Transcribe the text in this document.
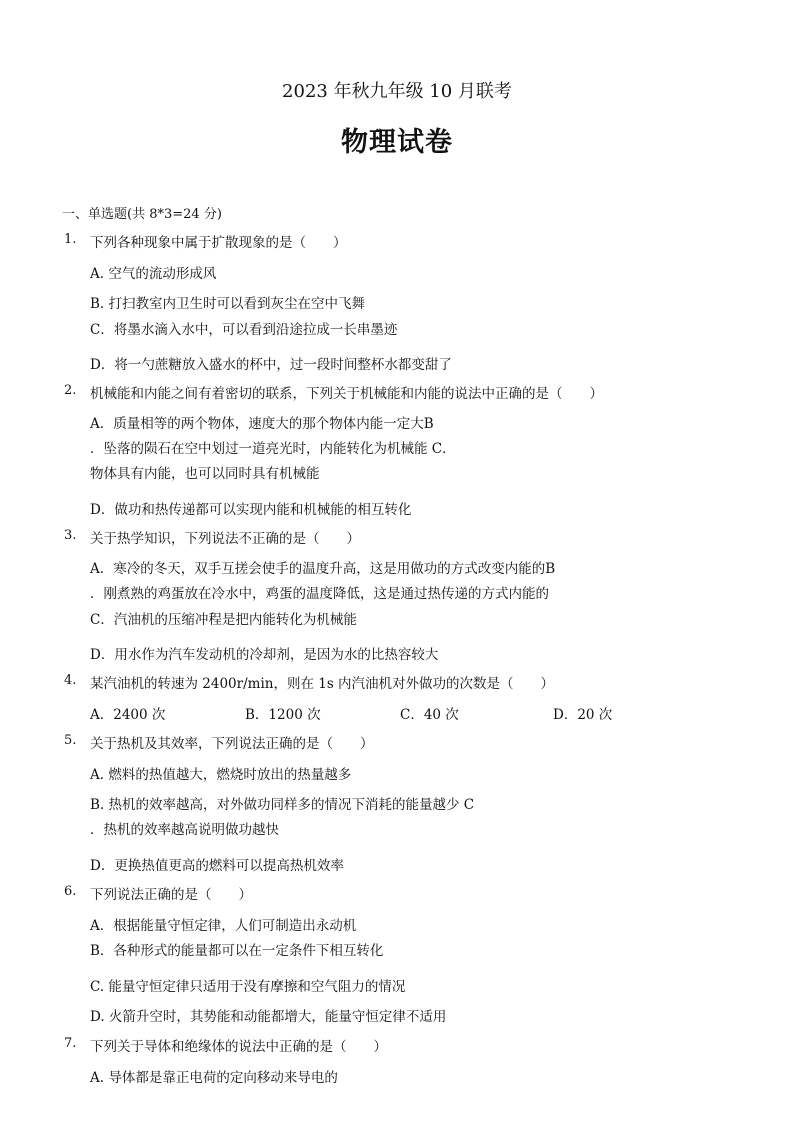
2023 年秋九年级 10 月联考
物理试卷
一、单选题(共 8*3=24 分)
1. 下列各种现象中属于扩散现象的是（　　）
A. 空气的流动形成风
B. 打扫教室内卫生时可以看到灰尘在空中飞舞
C．将墨水滴入水中，可以看到沿途拉成一长串墨迹
D．将一勺蔗糖放入盛水的杯中，过一段时间整杯水都变甜了
2. 机械能和内能之间有着密切的联系，下列关于机械能和内能的说法中正确的是（　　）
A．质量相等的两个物体，速度大的那个物体内能一定大B
．坠落的陨石在空中划过一道亮光时，内能转化为机械能 C．
物体具有内能，也可以同时具有机械能
D．做功和热传递都可以实现内能和机械能的相互转化
3. 关于热学知识，下列说法不正确的是（　　）
A．寒冷的冬天，双手互搓会使手的温度升高，这是用做功的方式改变内能的B
．刚煮熟的鸡蛋放在冷水中，鸡蛋的温度降低，这是通过热传递的方式内能的
C．汽油机的压缩冲程是把内能转化为机械能
D．用水作为汽车发动机的冷却剂，是因为水的比热容较大
4. 某汽油机的转速为 2400r/min，则在 1s 内汽油机对外做功的次数是（　　）
A．2400 次	B．1200 次	C．40 次	D．20 次
5. 关于热机及其效率，下列说法正确的是（　　）
A. 燃料的热值越大，燃烧时放出的热量越多
B. 热机的效率越高，对外做功同样多的情况下消耗的能量越少 C
．热机的效率越高说明做功越快
D．更换热值更高的燃料可以提高热机效率
6. 下列说法正确的是（　　）
A．根据能量守恒定律，人们可制造出永动机
B．各种形式的能量都可以在一定条件下相互转化
C. 能量守恒定律只适用于没有摩擦和空气阻力的情况
D. 火箭升空时，其势能和动能都增大，能量守恒定律不适用
7. 下列关于导体和绝缘体的说法中正确的是（　　）
A. 导体都是靠正电荷的定向移动来导电的
